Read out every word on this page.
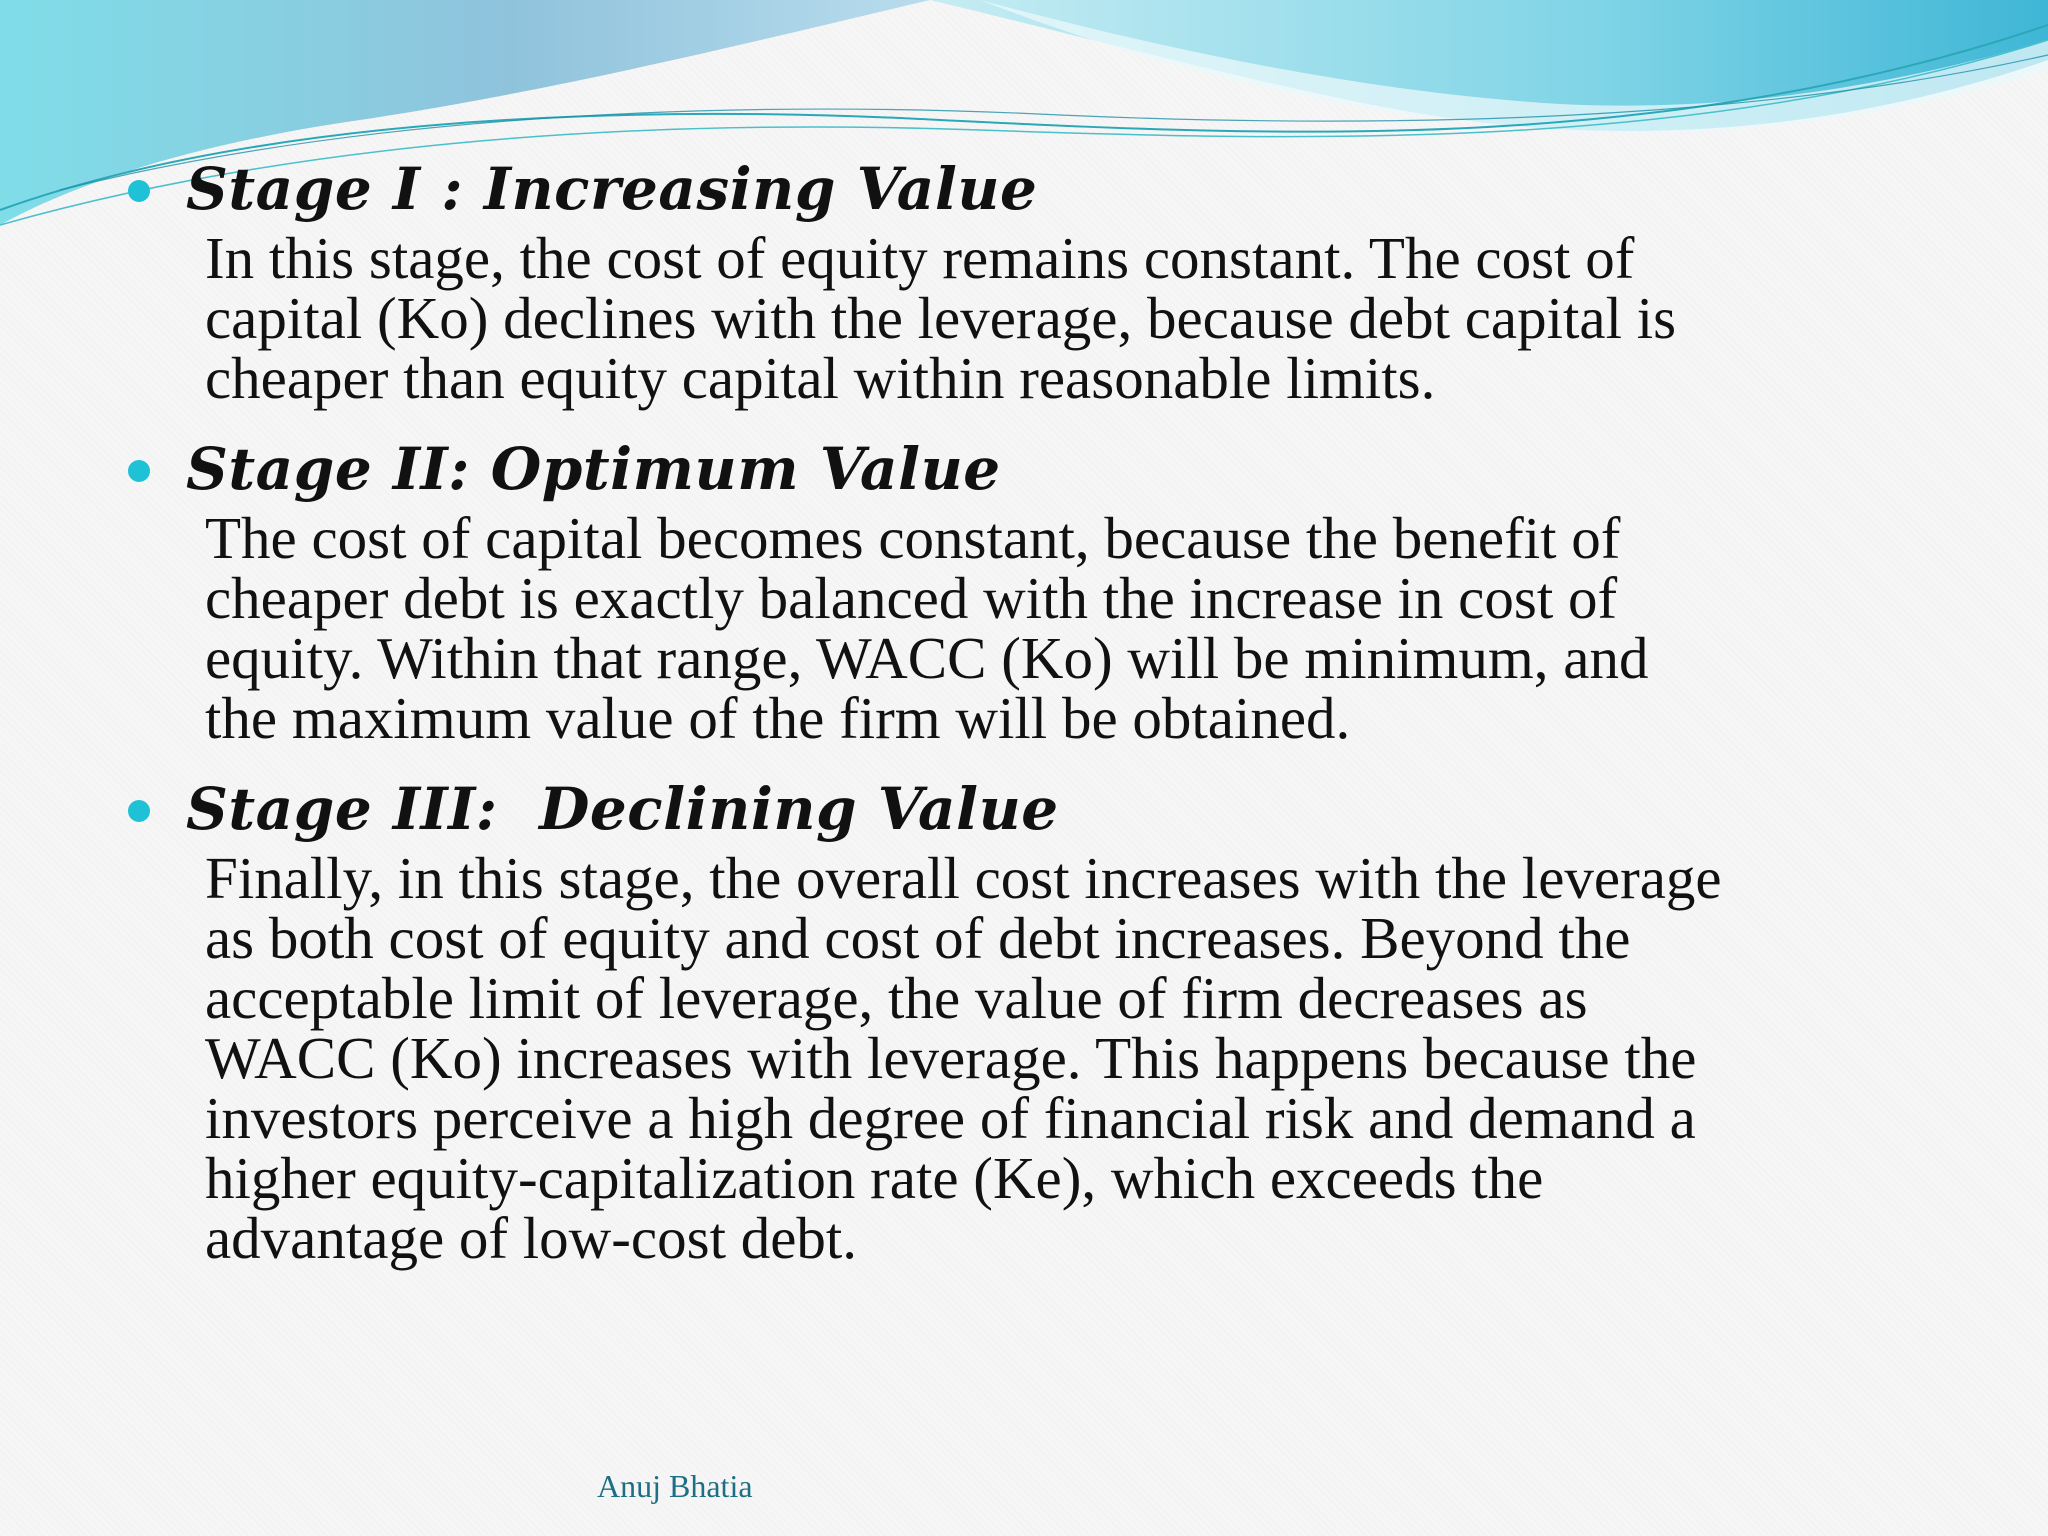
Stage I : Increasing Value
In this stage, the cost of equity remains constant. The cost of
capital (Ko) declines with the leverage, because debt capital is
cheaper than equity capital within reasonable limits.
Stage II: Optimum Value
The cost of capital becomes constant, because the benefit of
cheaper debt is exactly balanced with the increase in cost of
equity. Within that range, WACC (Ko) will be minimum, and
the maximum value of the firm will be obtained.
Stage III:  Declining Value
Finally, in this stage, the overall cost increases with the leverage
as both cost of equity and cost of debt increases. Beyond the
acceptable limit of leverage, the value of firm decreases as
WACC (Ko) increases with leverage. This happens because the
investors perceive a high degree of financial risk and demand a
higher equity-capitalization rate (Ke), which exceeds the
advantage of low-cost debt.
Anuj Bhatia
